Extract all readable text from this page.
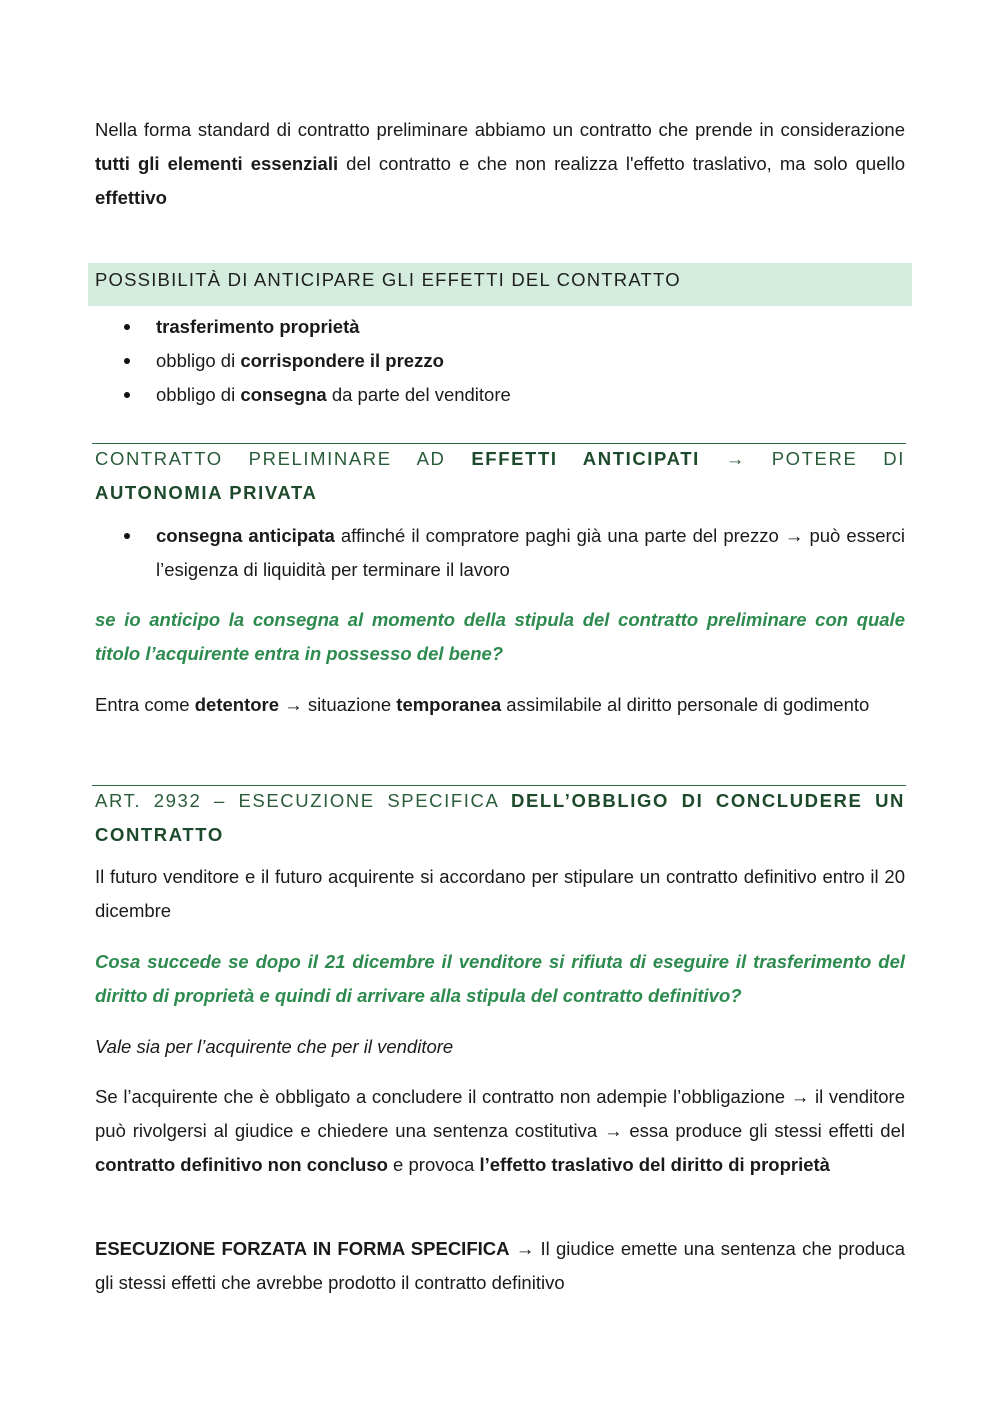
Nella forma standard di contratto preliminare abbiamo un contratto che prende in considerazione tutti gli elementi essenziali del contratto e che non realizza l'effetto traslativo, ma solo quello effettivo

POSSIBILITÀ DI ANTICIPARE GLI EFFETTI DEL CONTRATTO
trasferimento proprietà
obbligo di corrispondere il prezzo
obbligo di consegna da parte del venditore

CONTRATTO PRELIMINARE AD EFFETTI ANTICIPATI → POTERE DI AUTONOMIA PRIVATA

consegna anticipata affinché il compratore paghi già una parte del prezzo → può esserci l’esigenza di liquidità per terminare il lavoro

se io anticipo la consegna al momento della stipula del contratto preliminare con quale titolo l’acquirente entra in possesso del bene?

Entra come detentore → situazione temporanea assimilabile al diritto personale di godimento

ART. 2932 – ESECUZIONE SPECIFICA DELL’OBBLIGO DI CONCLUDERE UN CONTRATTO

Il futuro venditore e il futuro acquirente si accordano per stipulare un contratto definitivo entro il 20 dicembre

Cosa succede se dopo il 21 dicembre il venditore si rifiuta di eseguire il trasferimento del diritto di proprietà e quindi di arrivare alla stipula del contratto definitivo?

Vale sia per l’acquirente che per il venditore

Se l’acquirente che è obbligato a concludere il contratto non adempie l’obbligazione → il venditore può rivolgersi al giudice e chiedere una sentenza costitutiva → essa produce gli stessi effetti del contratto definitivo non concluso e provoca l’effetto traslativo del diritto di proprietà

ESECUZIONE FORZATA IN FORMA SPECIFICA → Il giudice emette una sentenza che produca gli stessi effetti che avrebbe prodotto il contratto definitivo
